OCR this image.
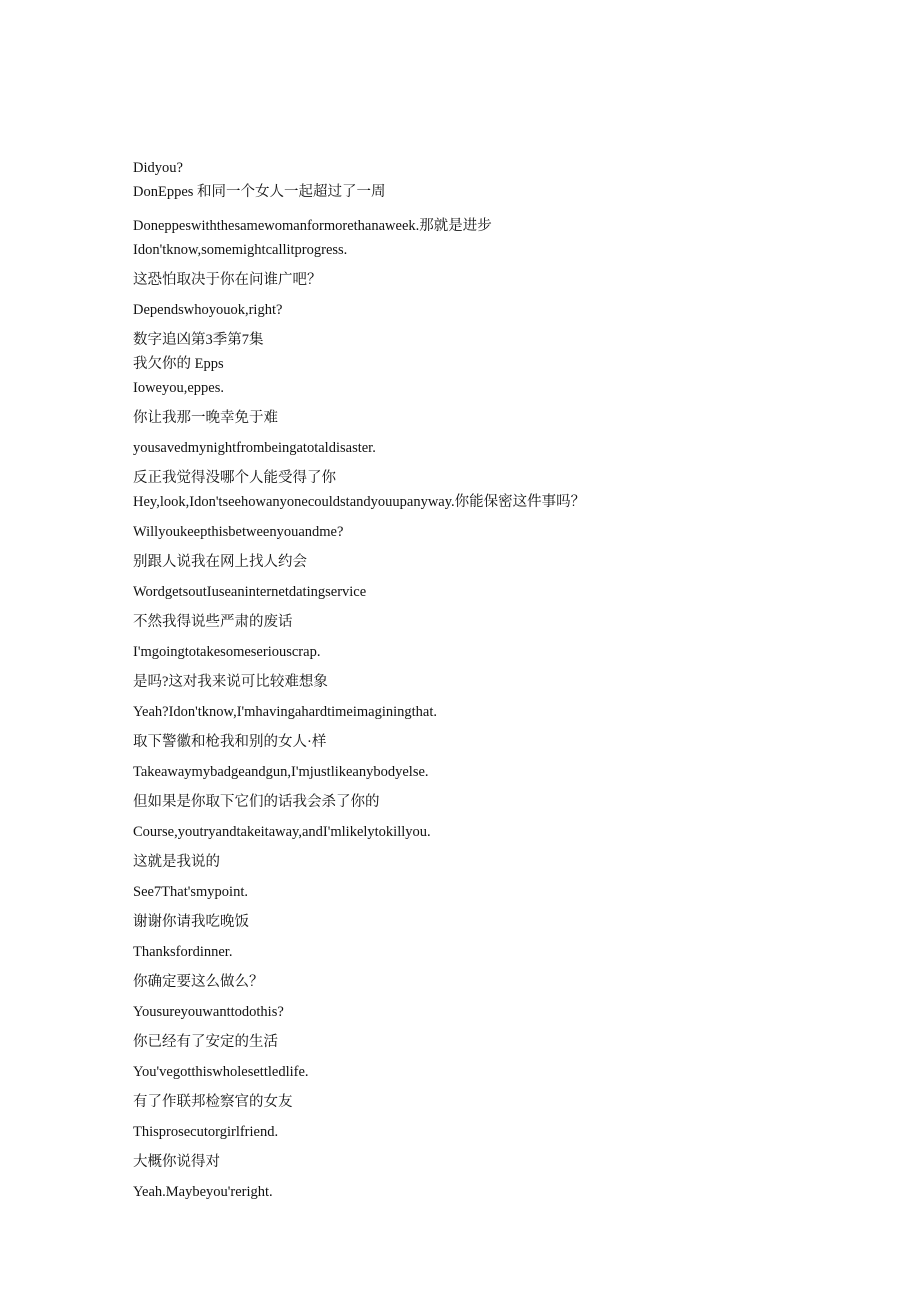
Didyou?
DonEppes 和同一个女人一起超过了一周
Doneppeswiththesamewomanformorethanaweek.那就是进步
Idon'tknow,somemightcallitprogress.
这恐怕取决于你在问谁广吧？
Dependswhoyouok,right?
数字追凶第3季第7集
我欠你的 Epps
Ioweyou,eppes.
你让我那一晚幸免于难
yousavedmynightfrombeingatotaldisaster.
反正我觉得没哪个人能受得了你
Hey,look,Idon'tseehowanyonecouldstandyouupanyway.你能保密这件事吗？
Willyoukeepthisbetweenyouandme?
别跟人说我在网上找人约会
WordgetsoutIuseaninternetdatingservice
不然我得说些严肃的废话
I'mgoingtotakesomeseriouscrap.
是吗?这对我来说可比较难想象
Yeah?Idon'tknow,I'mhavingahardtimeimaginingthat.
取下警徽和枪我和别的女人·样
Takeawaymybadgeandgun,I'mjustlikeanybodyelse.
但如果是你取下它们的话我会杀了你的
Course,youtryandtakeitaway,andI'mlikelytokillyou.
这就是我说的
See7That'smypoint.
谢谢你请我吃晚饭
Thanksfordinner.
你确定要这么做么？
Yousureyouwanttodothis?
你已经有了安定的生活
You'vegotthiswholesettledlife.
有了作联邦检察官的女友
Thisprosecutorgirlfriend.
大概你说得对
Yeah.Maybeyou'reright.
